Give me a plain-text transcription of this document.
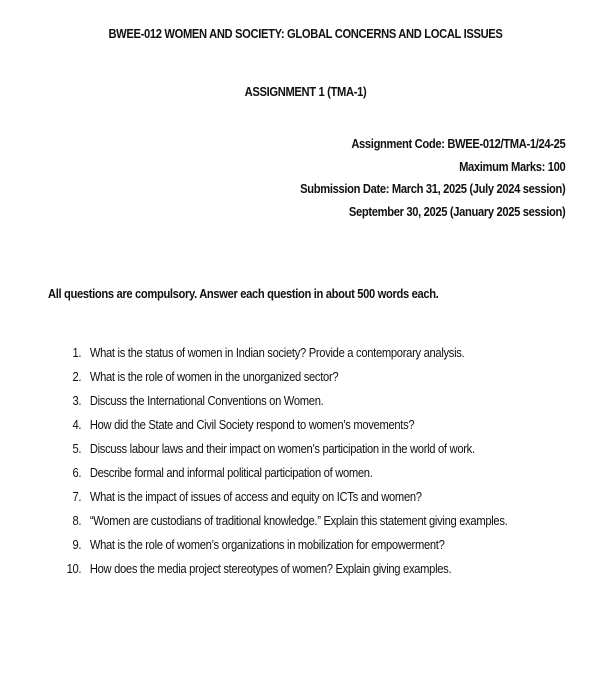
BWEE-012 WOMEN AND SOCIETY: GLOBAL CONCERNS AND LOCAL ISSUES
ASSIGNMENT 1 (TMA-1)
Assignment Code: BWEE-012/TMA-1/24-25
Maximum Marks: 100
Submission Date: March 31, 2025 (July 2024 session)
September 30, 2025 (January 2025 session)
All questions are compulsory. Answer each question in about 500 words each.
1. What is the status of women in Indian society? Provide a contemporary analysis.
2. What is the role of women in the unorganized sector?
3. Discuss the International Conventions on Women.
4. How did the State and Civil Society respond to women’s movements?
5. Discuss labour laws and their impact on women’s participation in the world of work.
6. Describe formal and informal political participation of women.
7. What is the impact of issues of access and equity on ICTs and women?
8. “Women are custodians of traditional knowledge.” Explain this statement giving examples.
9. What is the role of women’s organizations in mobilization for empowerment?
10. How does the media project stereotypes of women? Explain giving examples.
